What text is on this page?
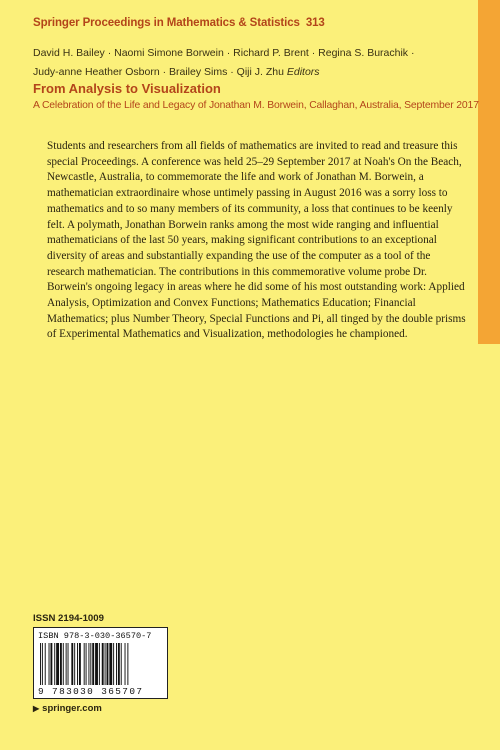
Springer Proceedings in Mathematics & Statistics 313
David H. Bailey · Naomi Simone Borwein · Richard P. Brent · Regina S. Burachik ·
Judy-anne Heather Osborn · Brailey Sims · Qiji J. Zhu Editors
From Analysis to Visualization
A Celebration of the Life and Legacy of Jonathan M. Borwein, Callaghan, Australia, September 2017

Students and researchers from all fields of mathematics are invited to read and treasure this special Proceedings. A conference was held 25–29 September 2017 at Noah's On the Beach, Newcastle, Australia, to commemorate the life and work of Jonathan M. Borwein, a mathematician extraordinaire whose untimely passing in August 2016 was a sorry loss to mathematics and to so many members of its community, a loss that continues to be keenly felt. A polymath, Jonathan Borwein ranks among the most wide ranging and influential mathematicians of the last 50 years, making significant contributions to an exceptional diversity of areas and substantially expanding the use of the computer as a tool of the research mathematician. The contributions in this commemorative volume probe Dr. Borwein's ongoing legacy in areas where he did some of his most outstanding work: Applied Analysis, Optimization and Convex Functions; Mathematics Education; Financial Mathematics; plus Number Theory, Special Functions and Pi, all tinged by the double prisms of Experimental Mathematics and Visualization, methodologies he championed.

ISSN 2194-1009
ISBN 978-3-030-36570-7
9 783030 365707
▶ springer.com
